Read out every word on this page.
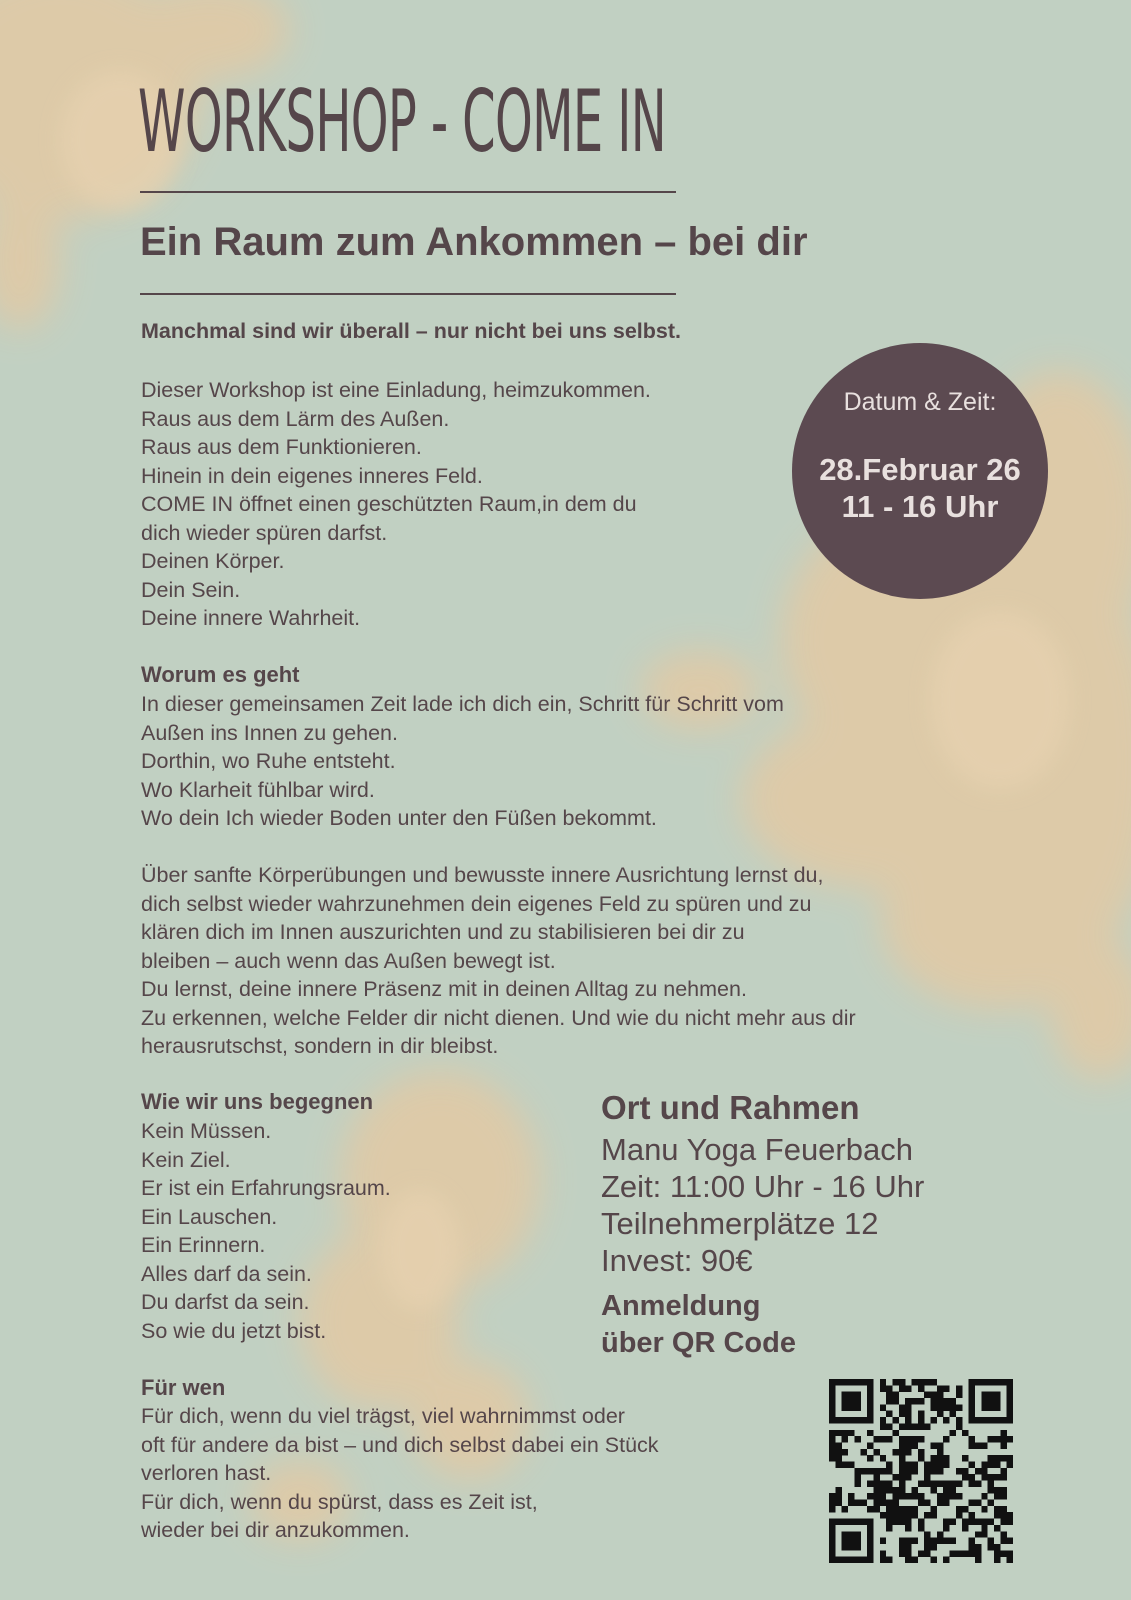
WORKSHOP - COME IN
Ein Raum zum Ankommen – bei dir
Manchmal sind wir überall – nur nicht bei uns selbst.
Dieser Workshop ist eine Einladung, heimzukommen.
Raus aus dem Lärm des Außen.
Raus aus dem Funktionieren.
Hinein in dein eigenes inneres Feld.
COME IN öffnet einen geschützten Raum,in dem du
dich wieder spüren darfst.
Deinen Körper.
Dein Sein.
Deine innere Wahrheit.
Datum & Zeit:
28.Februar 26
11 - 16 Uhr
Worum es geht
In dieser gemeinsamen Zeit lade ich dich ein, Schritt für Schritt vom
Außen ins Innen zu gehen.
Dorthin, wo Ruhe entsteht.
Wo Klarheit fühlbar wird.
Wo dein Ich wieder Boden unter den Füßen bekommt.
Über sanfte Körperübungen und bewusste innere Ausrichtung lernst du,
dich selbst wieder wahrzunehmen dein eigenes Feld zu spüren und zu
klären dich im Innen auszurichten und zu stabilisieren bei dir zu
bleiben – auch wenn das Außen bewegt ist.
Du lernst, deine innere Präsenz mit in deinen Alltag zu nehmen.
Zu erkennen, welche Felder dir nicht dienen. Und wie du nicht mehr aus dir
herausrutschst, sondern in dir bleibst.
Wie wir uns begegnen
Kein Müssen.
Kein Ziel.
Er ist ein Erfahrungsraum.
Ein Lauschen.
Ein Erinnern.
Alles darf da sein.
Du darfst da sein.
So wie du jetzt bist.
Ort und Rahmen
Manu Yoga Feuerbach
Zeit: 11:00 Uhr - 16 Uhr
Teilnehmerplätze 12
Invest: 90€
Anmeldung
über QR Code
Für wen
Für dich, wenn du viel trägst, viel wahrnimmst oder
oft für andere da bist – und dich selbst dabei ein Stück
verloren hast.
Für dich, wenn du spürst, dass es Zeit ist,
wieder bei dir anzukommen.
